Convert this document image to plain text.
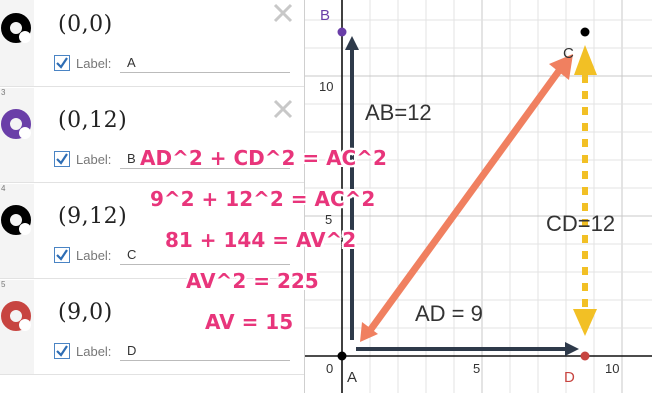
(0,0)
Label:	A
3
(0,12)
Label:	B
4
(9,12)
Label:	C
5
(9,0)
Label:	D
10
5
0	5	10
A
B
C
D
AB=12
CD=12
AD = 9
AD^2 + CD^2 = AC^2
9^2 + 12^2 = AC^2
81 + 144 = AV^2
AV^2 = 225
AV = 15
